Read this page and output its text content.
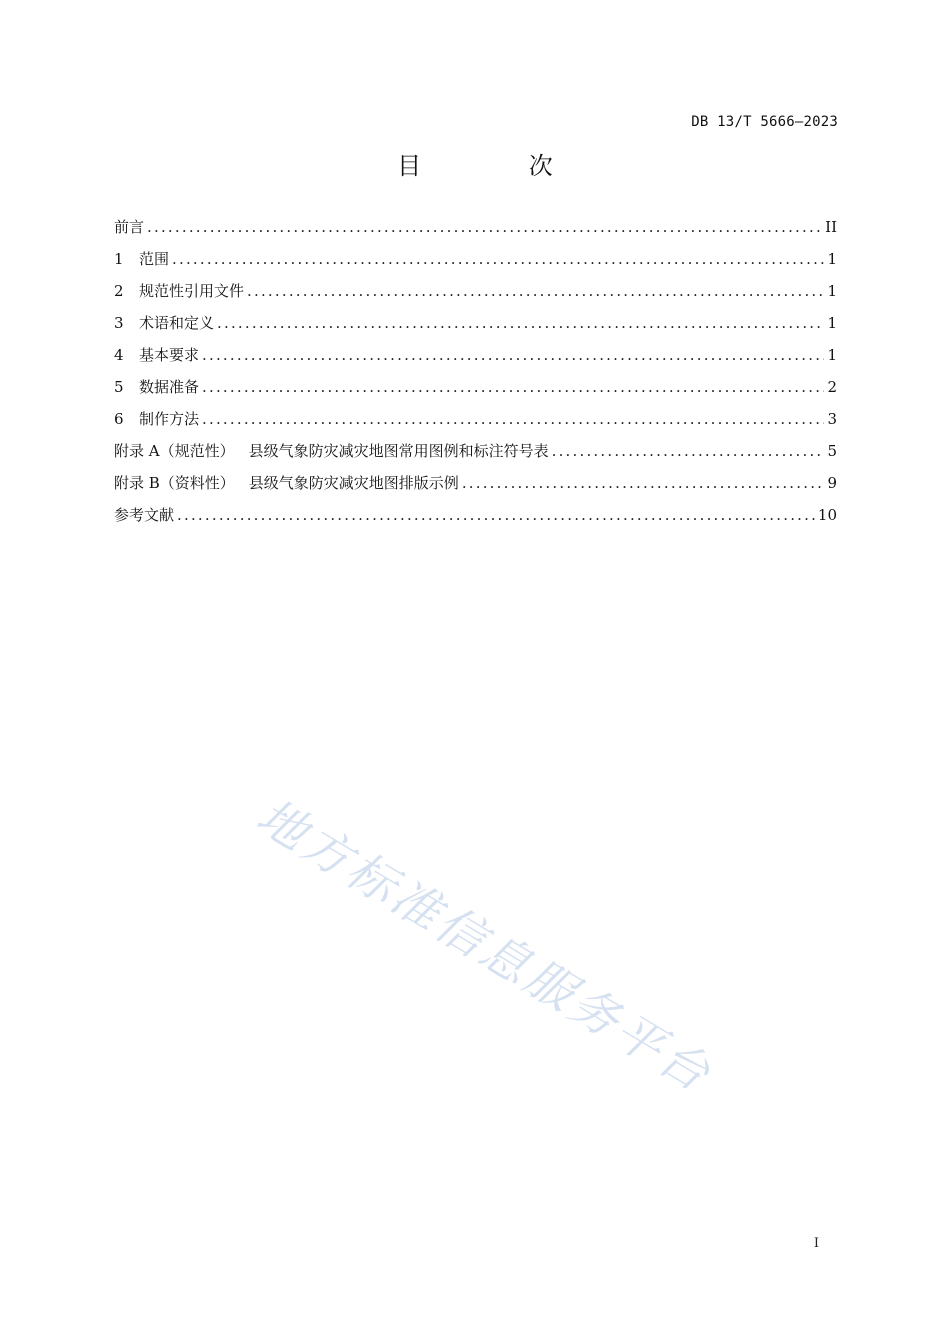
DB 13/T 5666—2023
目 次
前言 .....	II
1	范围 .....	1
2	规范性引用文件 .....	1
3	术语和定义 .....	1
4	基本要求 .....	1
5	数据准备 .....	2
6	制作方法 .....	3
附录 A（规范性） 县级气象防灾减灾地图常用图例和标注符号表 .....	5
附录 B（资料性） 县级气象防灾减灾地图排版示例 .....	9
参考文献 .....	10
地方标准信息服务平台
I
